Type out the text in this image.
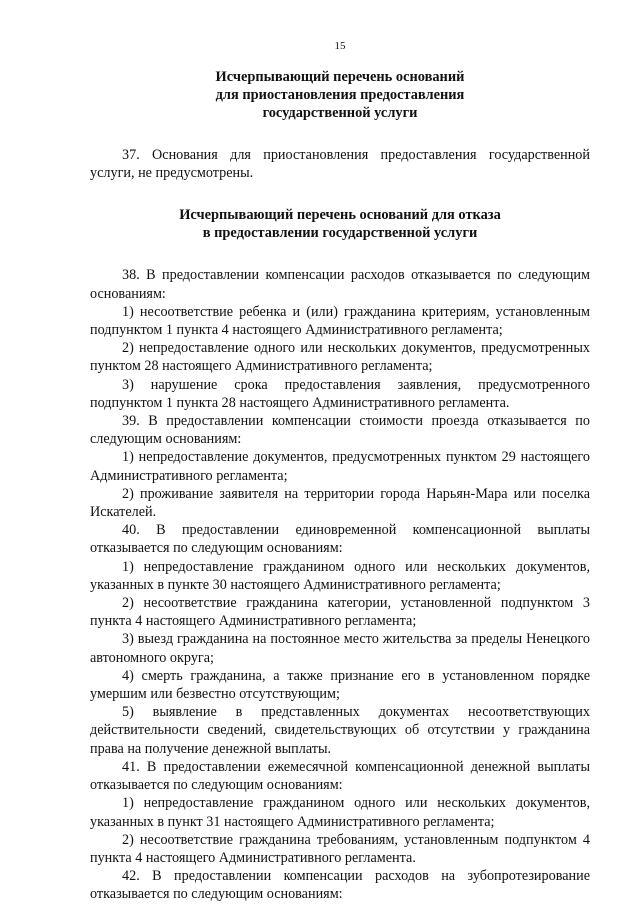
15
Исчерпывающий перечень оснований
для приостановления предоставления
государственной услуги

37. Основания для приостановления предоставления государственной услуги, не предусмотрены.

Исчерпывающий перечень оснований для отказа
в предоставлении государственной услуги

38. В предоставлении компенсации расходов отказывается по следующим основаниям:

1) несоответствие ребенка и (или) гражданина критериям, установленным подпунктом 1 пункта 4 настоящего Административного регламента;

2) непредоставление одного или нескольких документов, предусмотренных пунктом 28 настоящего Административного регламента;

3) нарушение срока предоставления заявления, предусмотренного подпунктом 1 пункта 28 настоящего Административного регламента.

39. В предоставлении компенсации стоимости проезда отказывается по следующим основаниям:

1) непредоставление документов, предусмотренных пунктом 29 настоящего Административного регламента;

2) проживание заявителя на территории города Нарьян-Мара или поселка Искателей.

40. В предоставлении единовременной компенсационной выплаты отказывается по следующим основаниям:

1) непредоставление гражданином одного или нескольких документов, указанных в пункте 30 настоящего Административного регламента;

2) несоответствие гражданина категории, установленной подпунктом 3 пункта 4 настоящего Административного регламента;

3) выезд гражданина на постоянное место жительства за пределы Ненецкого автономного округа;

4) смерть гражданина, а также признание его в установленном порядке умершим или безвестно отсутствующим;

5) выявление в представленных документах несоответствующих действительности сведений, свидетельствующих об отсутствии у гражданина права на получение денежной выплаты.

41. В предоставлении ежемесячной компенсационной денежной выплаты отказывается по следующим основаниям:

1) непредоставление гражданином одного или нескольких документов, указанных в пункт 31 настоящего Административного регламента;

2) несоответствие гражданина требованиям, установленным подпунктом 4 пункта 4 настоящего Административного регламента.

42. В предоставлении компенсации расходов на зубопротезирование отказывается по следующим основаниям:
